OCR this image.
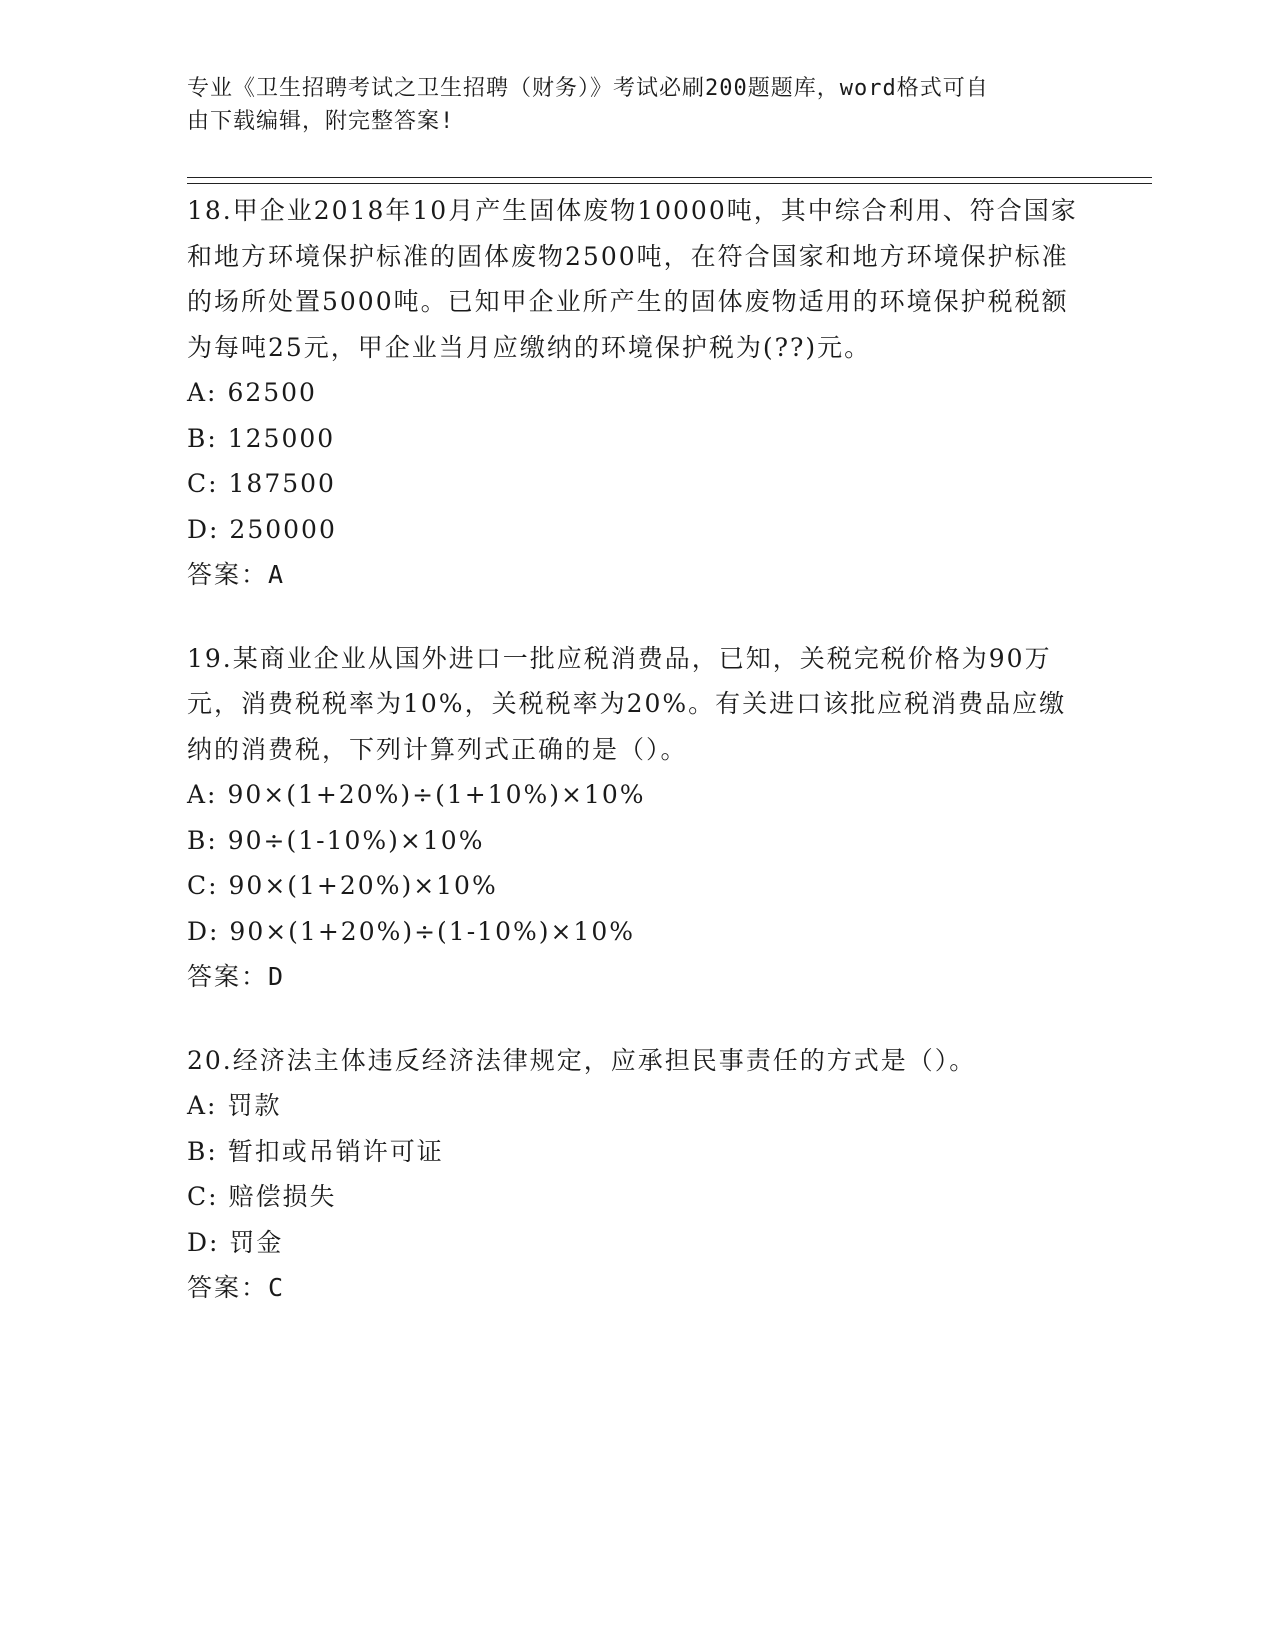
专业《卫生招聘考试之卫生招聘（财务）》考试必刷200题题库，word格式可自
由下载编辑，附完整答案!

18.甲企业2018年10月产生固体废物10000吨，其中综合利用、符合国家和地方环境保护标准的固体废物2500吨，在符合国家和地方环境保护标准的场所处置5000吨。已知甲企业所产生的固体废物适用的环境保护税税额为每吨25元，甲企业当月应缴纳的环境保护税为(??)元。

A: 62500

B: 125000

C: 187500

D: 250000

答案：A

19.某商业企业从国外进口一批应税消费品，已知，关税完税价格为90万元，消费税税率为10%，关税税率为20%。有关进口该批应税消费品应缴纳的消费税，下列计算列式正确的是（）。

A: 90×(1+20%)÷(1+10%)×10%

B: 90÷(1-10%)×10%

C: 90×(1+20%)×10%

D: 90×(1+20%)÷(1-10%)×10%

答案：D

20.经济法主体违反经济法律规定，应承担民事责任的方式是（）。

A: 罚款

B: 暂扣或吊销许可证

C: 赔偿损失

D: 罚金

答案：C
